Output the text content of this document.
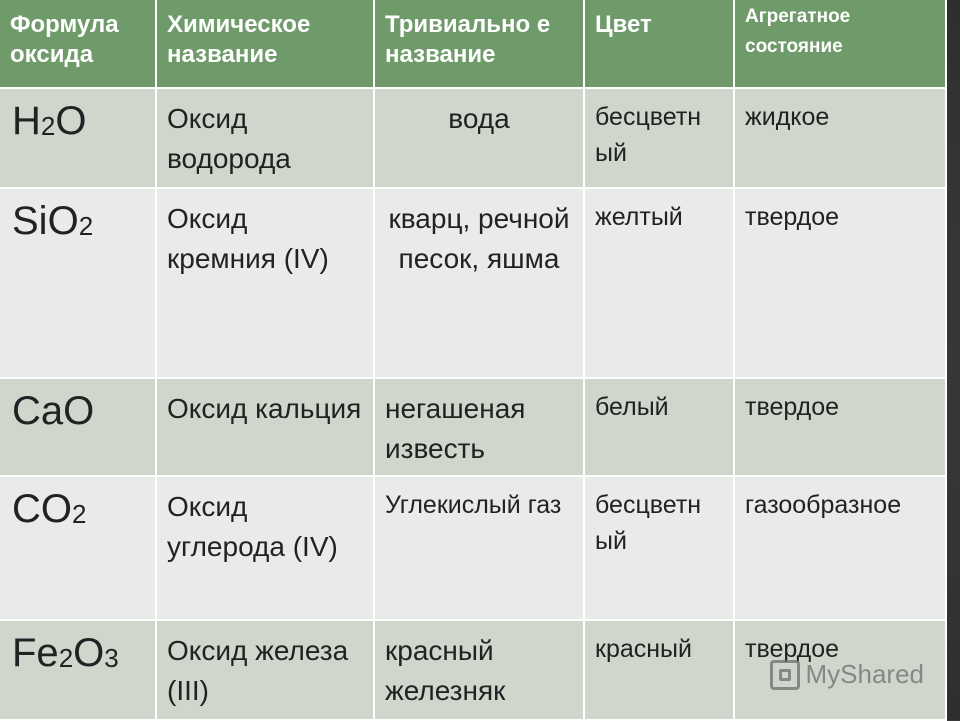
Формула оксида	Химическое название	Тривиально е название	Цвет	Агрегатное состояние
$H_2O$	Оксид водорода	вода	бесцветн ый	жидкое
SiO$_2$	Оксид кремния (IV)	кварц, речной песок, яшма	желтый	твердое
CaO	Оксид кальция	негашеная известь	белый	твердое
$CO_2$	Оксид углерода (IV)	Углекислый газ	бесцветн ый	газообразное
$Fe_2O_3$	Оксид железа (III)	красный железняк	красный	твердое
MyShared
